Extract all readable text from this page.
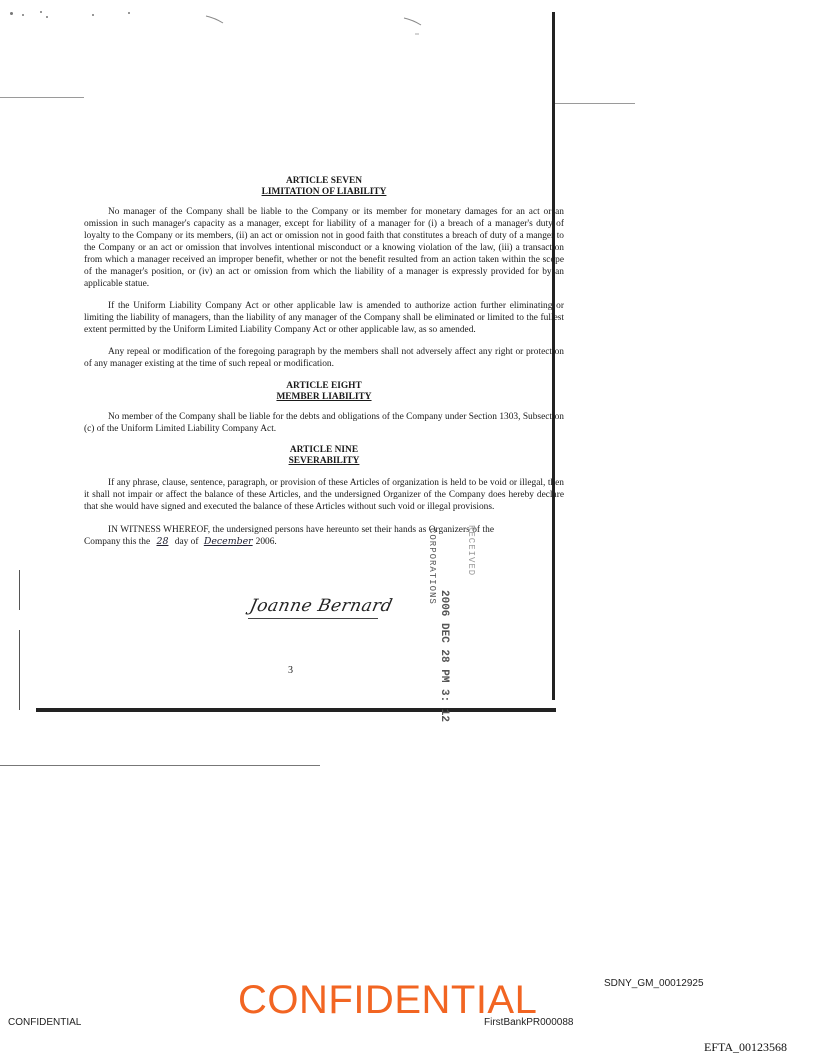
ARTICLE SEVEN
LIMITATION OF LIABILITY

No manager of the Company shall be liable to the Company or its member for monetary damages for an act or an omission in such manager's capacity as a manager, except for liability of a manager for (i) a breach of a manager's duty of loyalty to the Company or its members, (ii) an act or omission not in good faith that constitutes a breach of duty of a manger to the Company or an act or omission that involves intentional misconduct or a knowing violation of the law, (iii) a transaction from which a manager received an improper benefit, whether or not the benefit resulted from an action taken within the scope of the manager's position, or (iv) an act or omission from which the liability of a manager is expressly provided for by an applicable statue.

If the Uniform Liability Company Act or other applicable law is amended to authorize action further eliminating or limiting the liability of managers, than the liability of any manager of the Company shall be eliminated or limited to the fullest extent permitted by the Uniform Limited Liability Company Act or other applicable law, as so amended.

Any repeal or modification of the foregoing paragraph by the members shall not adversely affect any right or protection of any manager existing at the time of such repeal or modification.

ARTICLE EIGHT
MEMBER LIABILITY

No member of the Company shall be liable for the debts and obligations of the Company under Section 1303, Subsection (c) of the Uniform Limited Liability Company Act.

ARTICLE NINE
SEVERABILITY

If any phrase, clause, sentence, paragraph, or provision of these Articles of organization is held to be void or illegal, then it shall not impair or affect the balance of these Articles, and the undersigned Organizer of the Company does hereby declare that she would have signed and executed the balance of these Articles without such void or illegal provisions.

IN WITNESS WHEREOF, the undersigned persons have hereunto set their hands as Organizers of the Company this the 28 day of December 2006.

Joanne Bernard	2006 DEC 28 PM 3: 12
CORPORATIONS	RECEIVED
3
SDNY_GM_00012925
CONFIDENTIAL
CONFIDENTIAL
FirstBankPR000088
EFTA_00123568
